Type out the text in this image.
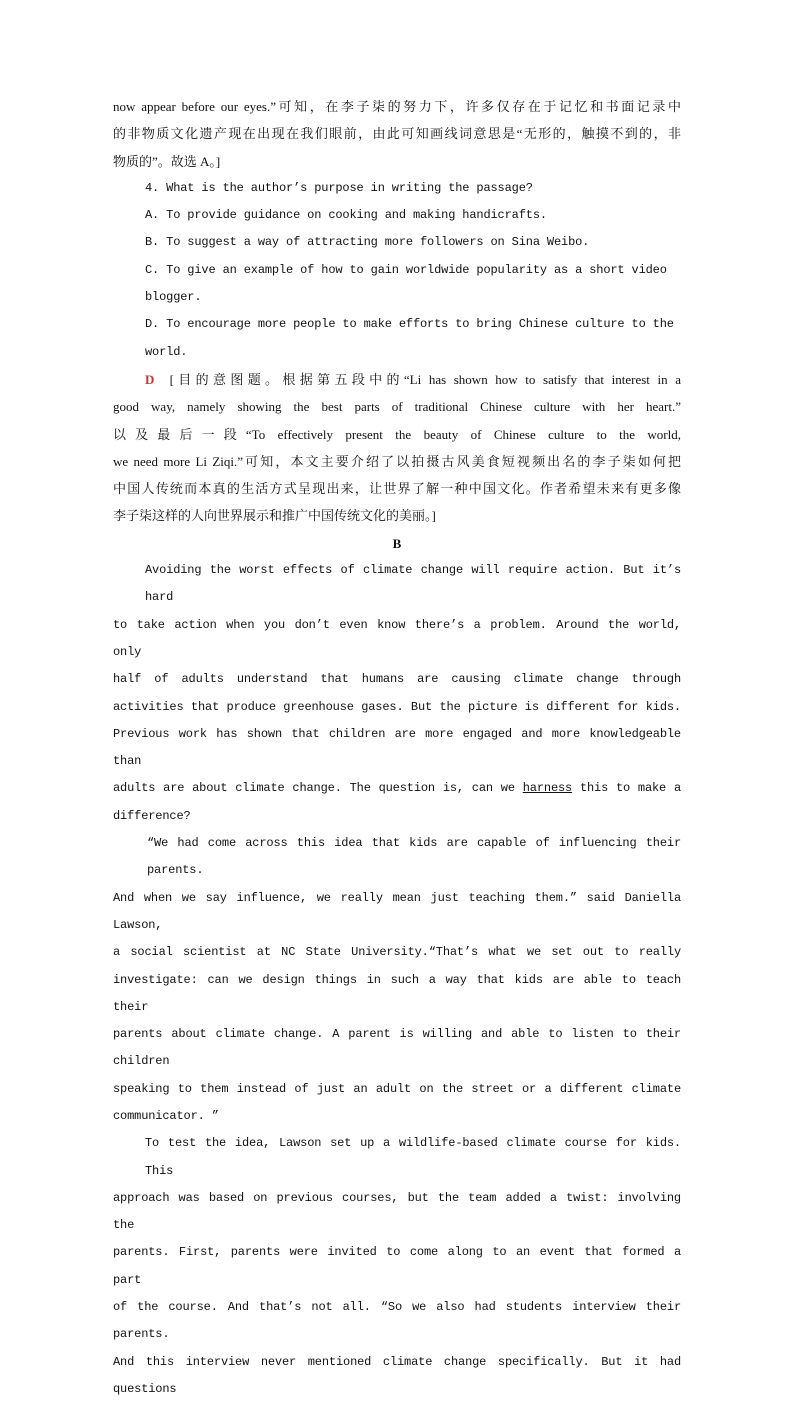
now appear before our eyes.”可知，在李子柒的努力下，许多仅存在于记忆和书面记录中

的非物质文化遗产现在出现在我们眼前，由此可知画线词意思是“无形的，触摸不到的，非

物质的”。故选 A。]

4. What is the author’s purpose in writing the passage?

A. To provide guidance on cooking and making handicrafts.

B. To suggest a way of attracting more followers on Sina Weibo.

C. To give an example of how to gain worldwide popularity as a short video blogger.

D. To encourage more people to make efforts to bring Chinese culture to the world.

D [目的意图题。根据第五段中的“Li has shown how to satisfy that interest in a

good way, namely showing the best parts of traditional Chinese culture with her heart.”

以及最后一段“To effectively present the beauty of Chinese culture to the world,

we need more Li Ziqi.”可知，本文主要介绍了以拍摄古风美食短视频出名的李子柒如何把

中国人传统而本真的生活方式呈现出来，让世界了解一种中国文化。作者希望未来有更多像

李子柒这样的人向世界展示和推广中国传统文化的美丽。]

B

Avoiding the worst effects of climate change will require action. But it’s hard

to take action when you don’t even know there’s a problem. Around the world, only

half of adults understand that humans are causing climate change through

activities that produce greenhouse gases. But the picture is different for kids.

Previous work has shown that children are more engaged and more knowledgeable than

adults are about climate change. The question is, can we harness this to make a

difference?

“We had come across this idea that kids are capable of influencing their parents.

And when we say influence, we really mean just teaching them.” said Daniella Lawson,

a social scientist at NC State University.“That’s what we set out to really

investigate: can we design things in such a way that kids are able to teach their

parents about climate change. A parent is willing and able to listen to their children

speaking to them instead of just an adult on the street or a different climate

communicator. ”

To test the idea, Lawson set up a wildlife-based climate course for kids. This

approach was based on previous courses, but the team added a twist: involving the

parents. First, parents were invited to come along to an event that formed a part

of the course. And that’s not all. “So we also had students interview their parents.

And this interview never mentioned climate change specifically. But it had questions
